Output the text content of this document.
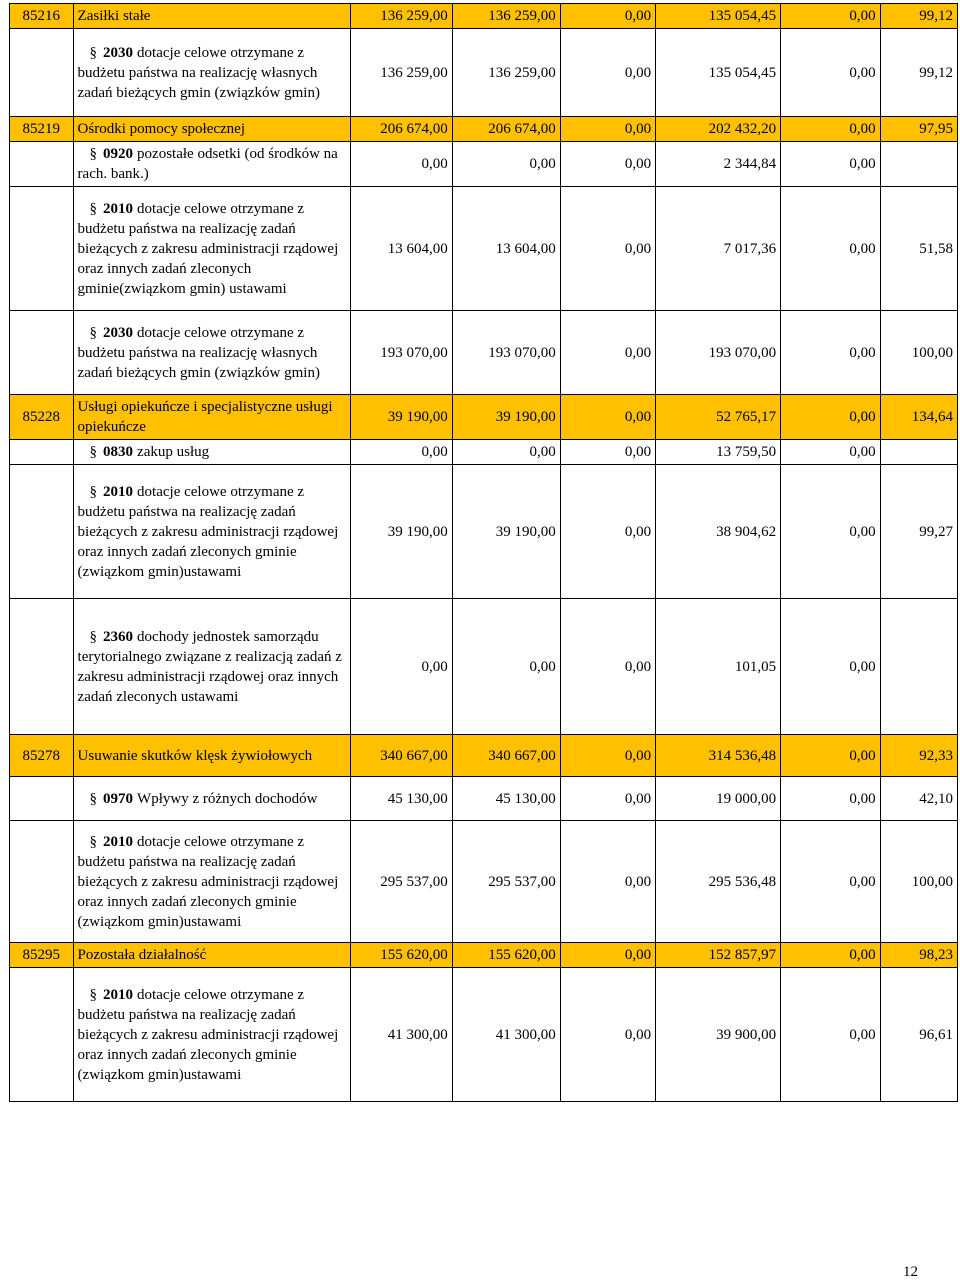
85216	Zasiłki stałe	136 259,00	136 259,00	0,00	135 054,45	0,00	99,12
	§ 2030 dotacje celowe otrzymane z budżetu państwa na realizację własnych zadań bieżących gmin (związków gmin)	136 259,00	136 259,00	0,00	135 054,45	0,00	99,12
85219	Ośrodki pomocy społecznej	206 674,00	206 674,00	0,00	202 432,20	0,00	97,95
	§ 0920 pozostałe odsetki (od środków na rach. bank.)	0,00	0,00	0,00	2 344,84	0,00	
	§ 2010 dotacje celowe otrzymane z budżetu państwa na realizację zadań bieżących z zakresu administracji rządowej oraz innych zadań zleconych gminie(związkom gmin) ustawami	13 604,00	13 604,00	0,00	7 017,36	0,00	51,58
	§ 2030 dotacje celowe otrzymane z budżetu państwa na realizację własnych zadań bieżących gmin (związków gmin)	193 070,00	193 070,00	0,00	193 070,00	0,00	100,00
85228	Usługi opiekuńcze i specjalistyczne usługi opiekuńcze	39 190,00	39 190,00	0,00	52 765,17	0,00	134,64
	§ 0830 zakup usług	0,00	0,00	0,00	13 759,50	0,00	
	§ 2010 dotacje celowe otrzymane z budżetu państwa na realizację zadań bieżących z zakresu administracji rządowej oraz innych zadań zleconych gminie (związkom gmin)ustawami	39 190,00	39 190,00	0,00	38 904,62	0,00	99,27
	§ 2360 dochody jednostek samorządu terytorialnego związane z realizacją zadań z zakresu administracji rządowej oraz innych zadań zleconych ustawami	0,00	0,00	0,00	101,05	0,00	
85278	Usuwanie skutków klęsk żywiołowych	340 667,00	340 667,00	0,00	314 536,48	0,00	92,33
	§ 0970 Wpływy z różnych dochodów	45 130,00	45 130,00	0,00	19 000,00	0,00	42,10
	§ 2010 dotacje celowe otrzymane z budżetu państwa na realizację zadań bieżących z zakresu administracji rządowej oraz innych zadań zleconych gminie (związkom gmin)ustawami	295 537,00	295 537,00	0,00	295 536,48	0,00	100,00
85295	Pozostała działalność	155 620,00	155 620,00	0,00	152 857,97	0,00	98,23
	§ 2010 dotacje celowe otrzymane z budżetu państwa na realizację zadań bieżących z zakresu administracji rządowej oraz innych zadań zleconych gminie (związkom gmin)ustawami	41 300,00	41 300,00	0,00	39 900,00	0,00	96,61
12
